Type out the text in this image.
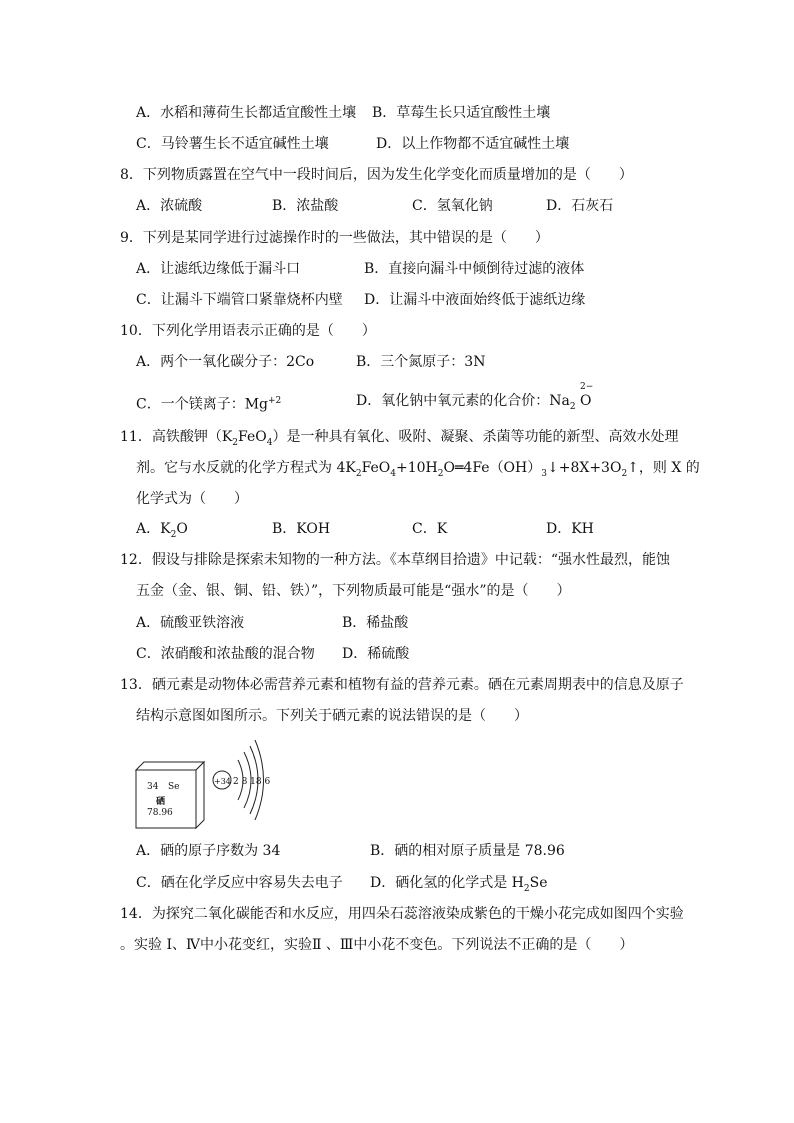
A．水稻和薄荷生长都适宜酸性土壤 B．草莓生长只适宜酸性土壤
C．马铃薯生长不适宜碱性土壤	D．以上作物都不适宜碱性土壤
8．下列物质露置在空气中一段时间后，因为发生化学变化而质量增加的是（　　）
A．浓硫酸	B．浓盐酸	C．氢氧化钠	D．石灰石
9．下列是某同学进行过滤操作时的一些做法，其中错误的是（　　）
A．让滤纸边缘低于漏斗口	B．直接向漏斗中倾倒待过滤的液体
C．让漏斗下端管口紧靠烧杯内壁 D．让漏斗中液面始终低于滤纸边缘
10．下列化学用语表示正确的是（　　）
A．两个一氧化碳分子：2Co	B．三个氮原子：3N
C．一个镁离子：$Mg^{+2}$	D．氧化钠中氧元素的化合价：$Na_2$
2−
O
11．高铁酸钾$(K_2FeO_4)$是一种具有氧化、吸附、凝聚、杀菌等功能的新型、高效水处理
剂。它与水反就的化学方程式为 $4K_2FeO_4+10H_2O═4Fe(OH)_3↓+8X+3O_2↑$，则 X 的
化学式为（　　）
A．$K_2O$	B．KOH	C．K	D．KH
12．假设与排除是探索未知物的一种方法。《本草纲目拾遗》中记载：“强水性最烈，能蚀
五金（金、银、铜、铅、铁）”，下列物质最可能是“强水”的是（　　）
A．硫酸亚铁溶液	B．稀盐酸
C．浓硝酸和浓盐酸的混合物 D．稀硫酸
13．硒元素是动物体必需营养元素和植物有益的营养元素。硒在元素周期表中的信息及原子
结构示意图如图所示。下列关于硒元素的说法错误的是（　　）
34 Se
硒
78.96
+34 2 8 18 6
A．硒的原子序数为 34	B．硒的相对原子质量是 78.96
C．硒在化学反应中容易失去电子 D．硒化氢的化学式是 $H_2Se$
14．为探究二氧化碳能否和水反应，用四朵石蕊溶液染成紫色的干燥小花完成如图四个实验
。实验 Ⅰ、Ⅳ中小花变红，实验Ⅱ 、Ⅲ中小花不变色。下列说法不正确的是（　　）
